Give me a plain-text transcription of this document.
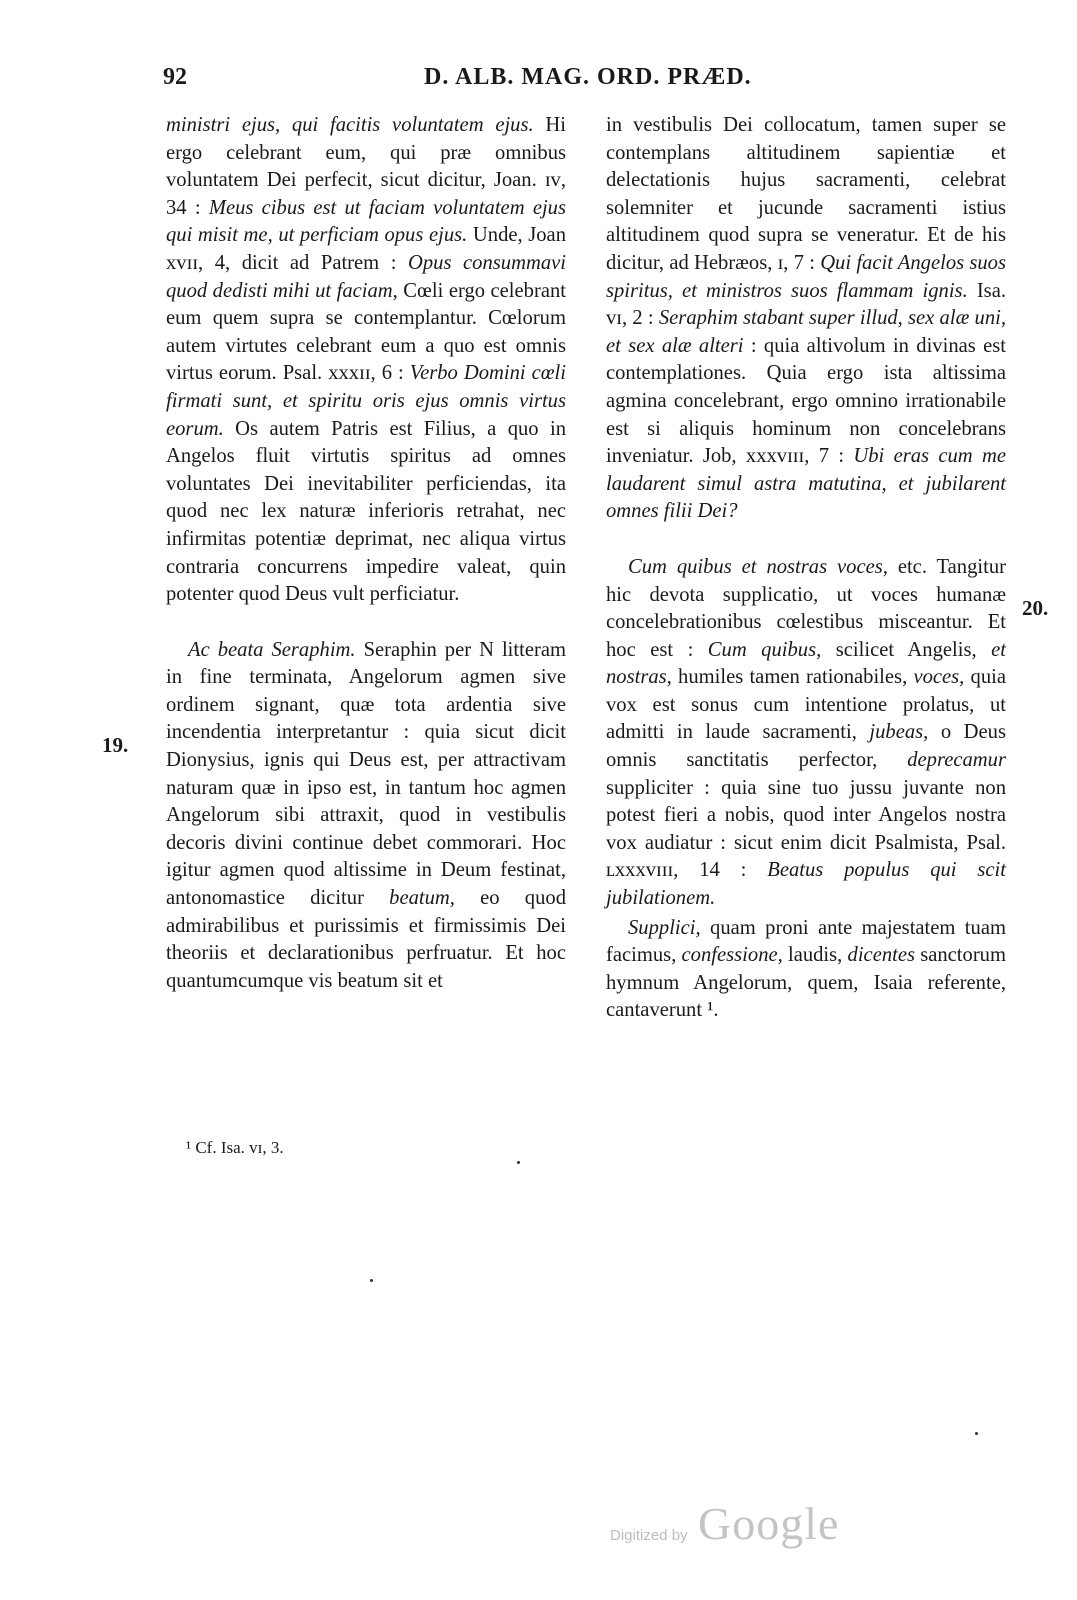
92	D. ALB. MAG. ORD. PRÆD.

ministri ejus, qui facitis voluntatem ejus. Hi ergo celebrant eum, qui præ omnibus voluntatem Dei perfecit, sicut dicitur, Joan. ɪᴠ, 34 : Meus cibus est ut faciam voluntatem ejus qui misit me, ut perficiam opus ejus. Unde, Joan xᴠɪɪ, 4, dicit ad Patrem : Opus consummavi quod dedisti mihi ut faciam, Cœli ergo celebrant eum quem supra se contemplantur. Cœlorum autem virtutes celebrant eum a quo est omnis virtus eorum. Psal. xxxɪɪ, 6 : Verbo Domini cœli firmati sunt, et spiritu oris ejus omnis virtus eorum. Os autem Patris est Filius, a quo in Angelos fluit virtutis spiritus ad omnes voluntates Dei inevitabiliter perficiendas, ita quod nec lex naturæ inferioris retrahat, nec infirmitas potentiæ deprimat, nec aliqua virtus contraria concurrens impedire valeat, quin potenter quod Deus vult perficiatur.

Ac beata Seraphim. Seraphin per N litteram in fine terminata, Angelorum agmen sive ordinem signant, quæ tota ardentia sive incendentia interpretantur : quia sicut dicit Dionysius, ignis qui Deus est, per attractivam naturam quæ in ipso est, in tantum hoc agmen Angelorum sibi attraxit, quod in vestibulis decoris divini continue debet commorari. Hoc igitur agmen quod altissime in Deum festinat, antonomastice dicitur beatum, eo quod admirabilibus et purissimis et firmissimis Dei theoriis et declarationibus perfruatur. Et hoc quantumcumque vis beatum sit et

in vestibulis Dei collocatum, tamen super se contemplans altitudinem sapientiæ et delectationis hujus sacramenti, celebrat solemniter et jucunde sacramenti istius altitudinem quod supra se veneratur. Et de his dicitur, ad Hebræos, ɪ, 7 : Qui facit Angelos suos spiritus, et ministros suos flammam ignis. Isa. ᴠɪ, 2 : Seraphim stabant super illud, sex alæ uni, et sex alæ alteri : quia altivolum in divinas est contemplationes. Quia ergo ista altissima agmina concelebrant, ergo omnino irrationabile est si aliquis hominum non concelebrans inveniatur. Job, xxxᴠɪɪɪ, 7 : Ubi eras cum me laudarent simul astra matutina, et jubilarent omnes filii Dei?

Cum quibus et nostras voces, etc. Tangitur hic devota supplicatio, ut voces humanæ concelebrationibus cœlestibus misceantur. Et hoc est : Cum quibus, scilicet Angelis, et nostras, humiles tamen rationabiles, voces, quia vox est sonus cum intentione prolatus, ut admitti in laude sacramenti, jubeas, o Deus omnis sanctitatis perfector, deprecamur suppliciter : quia sine tuo jussu juvante non potest fieri a nobis, quod inter Angelos nostra vox audiatur : sicut enim dicit Psalmista, Psal. ʟxxxᴠɪɪɪ, 14 : Beatus populus qui scit jubilationem.

Supplici, quam proni ante majestatem tuam facimus, confessione, laudis, dicentes sanctorum hymnum Angelorum, quem, Isaia referente, cantaverunt ¹.

19.
20.
¹ Cf. Isa. ᴠɪ, 3.
Digitized by Google
